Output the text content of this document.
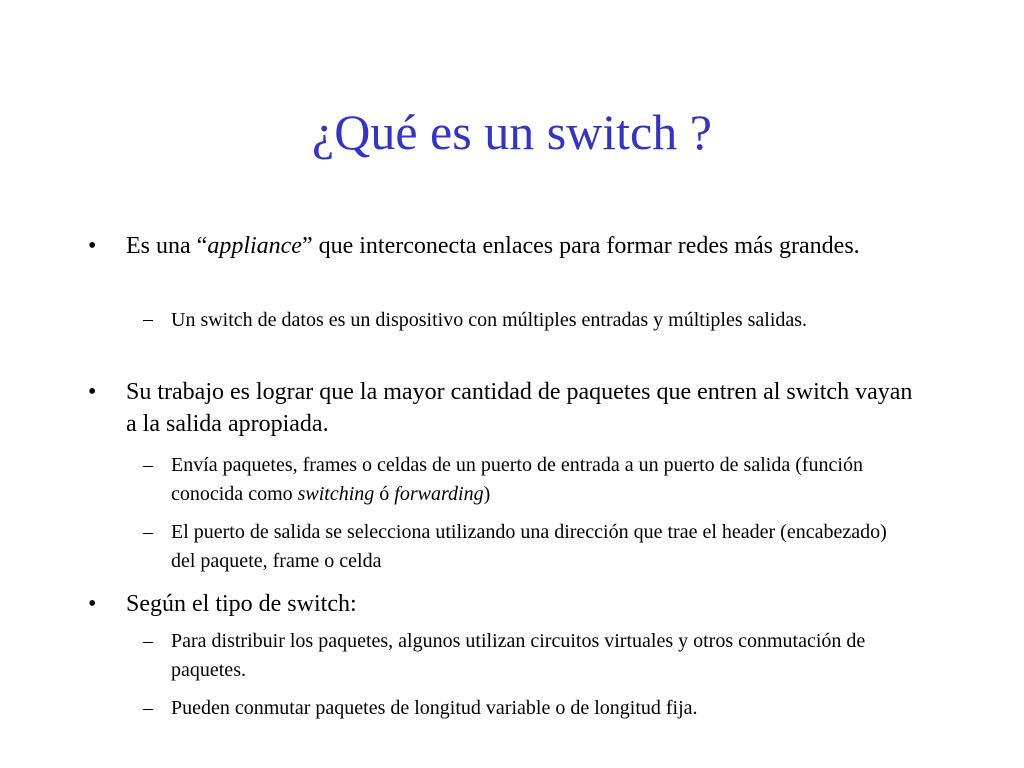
¿Qué es un switch ?
• Es una “appliance” que interconecta enlaces para formar redes más grandes.
– Un switch de datos es un dispositivo con múltiples entradas y múltiples salidas.
• Su trabajo es lograr que la mayor cantidad de paquetes que entren al switch vayan a la salida apropiada.
– Envía paquetes, frames o celdas de un puerto de entrada a un puerto de salida (función conocida como switching ó forwarding)
– El puerto de salida se selecciona utilizando una dirección que trae el header (encabezado) del paquete, frame o celda
• Según el tipo de switch:
– Para distribuir los paquetes, algunos utilizan circuitos virtuales y otros conmutación de paquetes.
– Pueden conmutar paquetes de longitud variable o de longitud fija.
